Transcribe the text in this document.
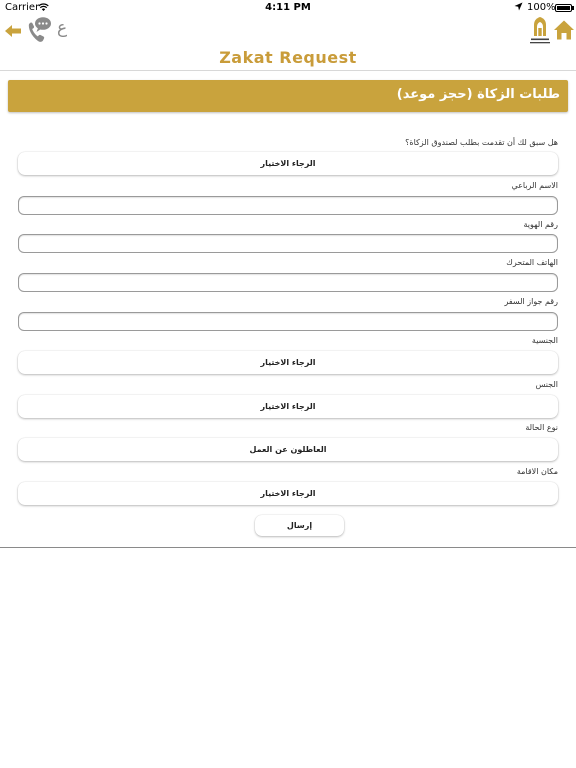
Carrier	4:11 PM	100%
ع
Zakat Request
طلبات الزكاة (حجز موعد)
هل سبق لك أن تقدمت بطلب لصندوق الزكاة؟
الرجاء الاختيار
الاسم الرباعي
رقم الهوية
الهاتف المتحرك
رقم جواز السفر
الجنسية
الرجاء الاختيار
الجنس
الرجاء الاختيار
نوع الحالة
العاطلون عن العمل
مكان الاقامة
الرجاء الاختيار
إرسال
